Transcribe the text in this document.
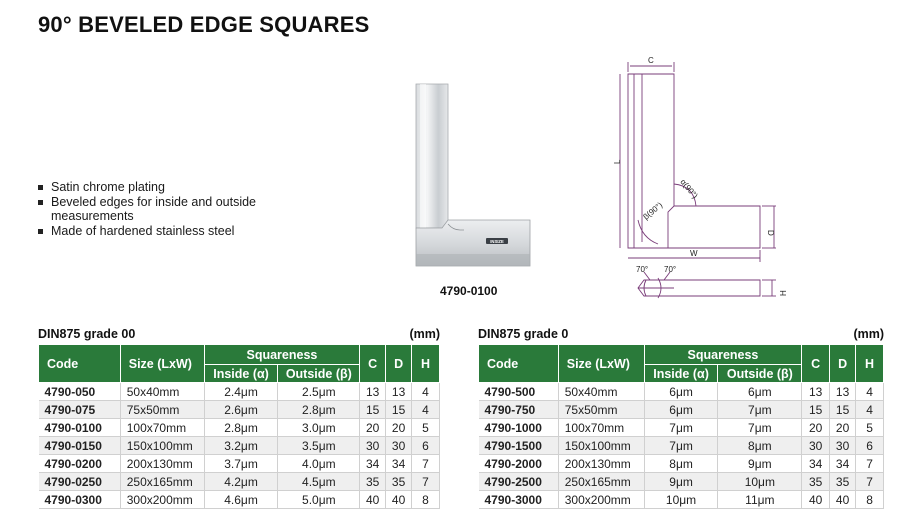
90° BEVELED EDGE SQUARES
Satin chrome plating
Beveled edges for inside and outside measurements
Made of hardened stainless steel
INSIZE
4790-0100
C
L
α(90°)
β(90°)
D
W
70° 70°
H
DIN875 grade 00	(mm)
Code	Size (LxW)	Squareness		C	D	H
		Inside (α)	Outside (β)			
4790-050	50x40mm	2.4μm	2.5μm	13	13	4
4790-075	75x50mm	2.6μm	2.8μm	15	15	4
4790-0100	100x70mm	2.8μm	3.0μm	20	20	5
4790-0150	150x100mm	3.2μm	3.5μm	30	30	6
4790-0200	200x130mm	3.7μm	4.0μm	34	34	7
4790-0250	250x165mm	4.2μm	4.5μm	35	35	7
4790-0300	300x200mm	4.6μm	5.0μm	40	40	8
DIN875 grade 0	(mm)
Code	Size (LxW)	Squareness		C	D	H
		Inside (α)	Outside (β)			
4790-500	50x40mm	6μm	6μm	13	13	4
4790-750	75x50mm	6μm	7μm	15	15	4
4790-1000	100x70mm	7μm	7μm	20	20	5
4790-1500	150x100mm	7μm	8μm	30	30	6
4790-2000	200x130mm	8μm	9μm	34	34	7
4790-2500	250x165mm	9μm	10μm	35	35	7
4790-3000	300x200mm	10μm	11μm	40	40	8
